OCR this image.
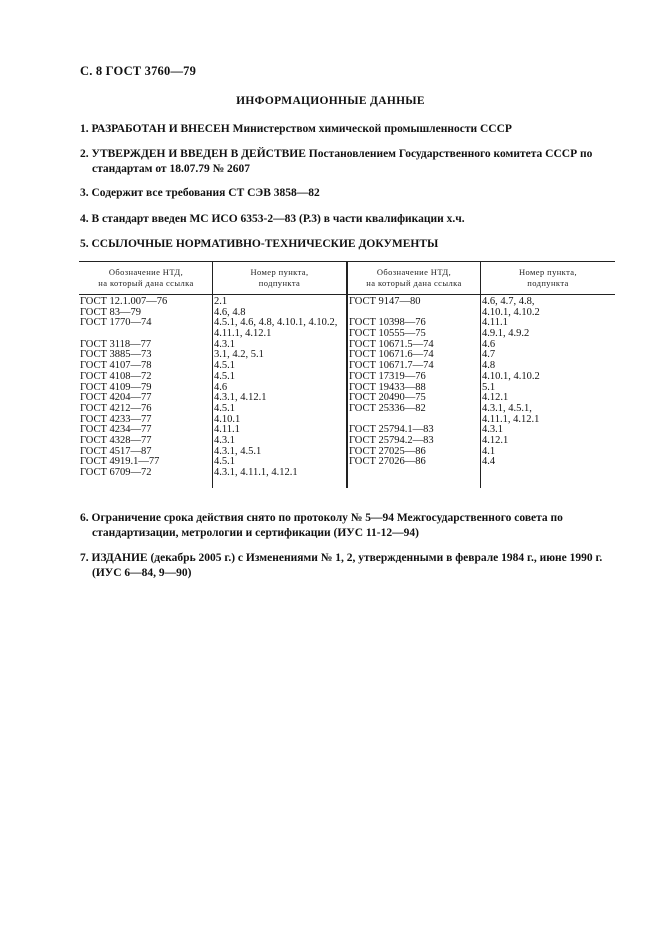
С. 8 ГОСТ 3760—79
ИНФОРМАЦИОННЫЕ ДАННЫЕ
1. РАЗРАБОТАН И ВНЕСЕН Министерством химической промышленности СССР
2. УТВЕРЖДЕН И ВВЕДЕН В ДЕЙСТВИЕ Постановлением Государственного комитета СССР по
стандартам от 18.07.79 № 2607
3. Содержит все требования СТ СЭВ 3858—82
4. В стандарт введен МС ИСО 6353-2—83 (Р.3) в части квалификации х.ч.
5. ССЫЛОЧНЫЕ НОРМАТИВНО-ТЕХНИЧЕСКИЕ ДОКУМЕНТЫ
Обозначение НТД,
на который дана ссылка
Номер пункта,
подпункта
Обозначение НТД,
на который дана ссылка
Номер пункта,
подпункта
ГОСТ 12.1.007—76
ГОСТ 83—79
ГОСТ 1770—74
ГОСТ 3118—77
ГОСТ 3885—73
ГОСТ 4107—78
ГОСТ 4108—72
ГОСТ 4109—79
ГОСТ 4204—77
ГОСТ 4212—76
ГОСТ 4233—77
ГОСТ 4234—77
ГОСТ 4328—77
ГОСТ 4517—87
ГОСТ 4919.1—77
ГОСТ 6709—72
2.1
4.6, 4.8
4.5.1, 4.6, 4.8, 4.10.1, 4.10.2,
4.11.1, 4.12.1
4.3.1
3.1, 4.2, 5.1
4.5.1
4.5.1
4.6
4.3.1, 4.12.1
4.5.1
4.10.1
4.11.1
4.3.1
4.3.1, 4.5.1
4.5.1
4.3.1, 4.11.1, 4.12.1
ГОСТ 9147—80
ГОСТ 10398—76
ГОСТ 10555—75
ГОСТ 10671.5—74
ГОСТ 10671.6—74
ГОСТ 10671.7—74
ГОСТ 17319—76
ГОСТ 19433—88
ГОСТ 20490—75
ГОСТ 25336—82
ГОСТ 25794.1—83
ГОСТ 25794.2—83
ГОСТ 27025—86
ГОСТ 27026—86
4.6, 4.7, 4.8,
4.10.1, 4.10.2
4.11.1
4.9.1, 4.9.2
4.6
4.7
4.8
4.10.1, 4.10.2
5.1
4.12.1
4.3.1, 4.5.1,
4.11.1, 4.12.1
4.3.1
4.12.1
4.1
4.4
6. Ограничение срока действия снято по протоколу № 5—94 Межгосударственного совета по
стандартизации, метрологии и сертификации (ИУС 11-12—94)
7. ИЗДАНИЕ (декабрь 2005 г.) с Изменениями № 1, 2, утвержденными в феврале 1984 г., июне 1990 г.
(ИУС 6—84, 9—90)
